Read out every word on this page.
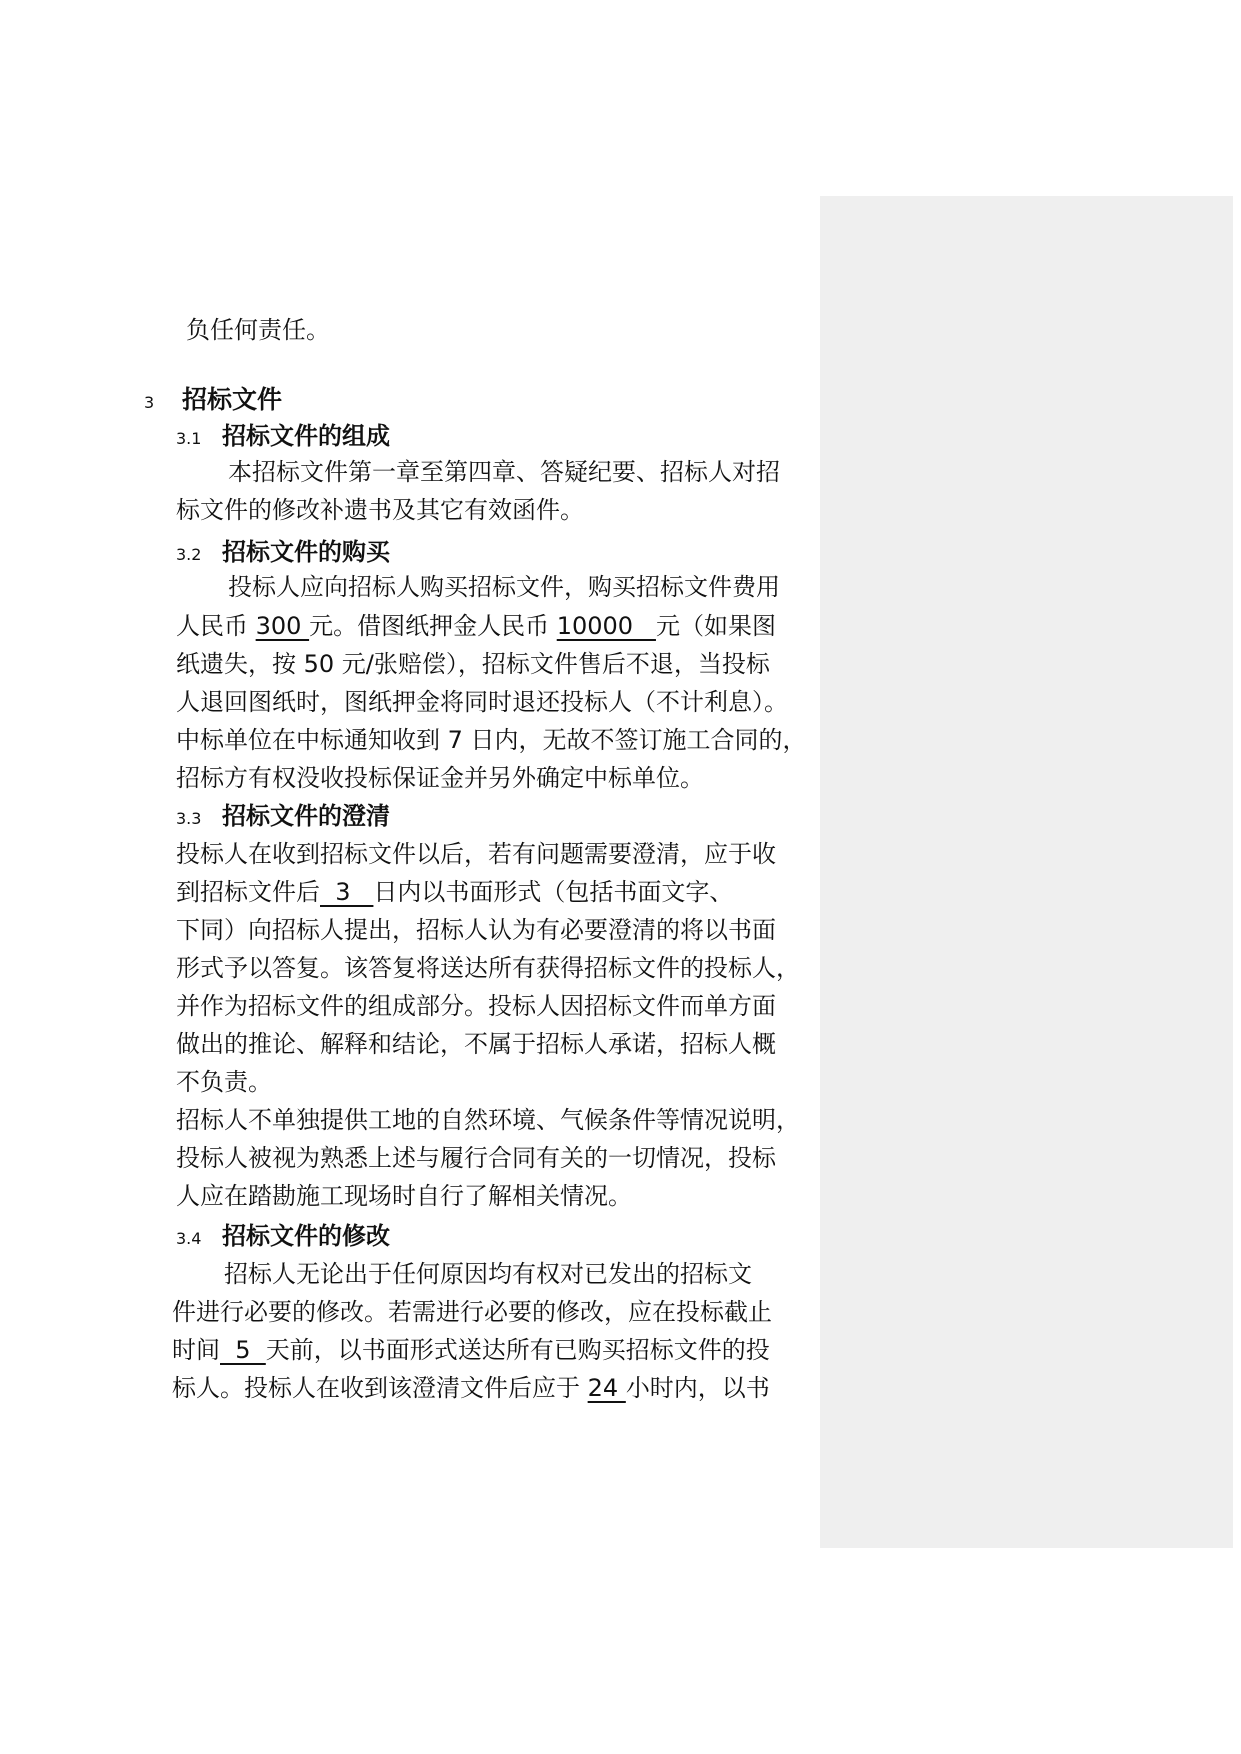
负任何责任。
3 招标文件
3.1 招标文件的组成
本招标文件第一章至第四章、答疑纪要、招标人对招
标文件的修改补遗书及其它有效函件。
3.2 招标文件的购买
投标人应向招标人购买招标文件，购买招标文件费用
人民币 300 元。借图纸押金人民币 10000   元（如果图
纸遗失，按 50 元/张赔偿），招标文件售后不退，当投标
人退回图纸时，图纸押金将同时退还投标人（不计利息）。
中标单位在中标通知收到 7 日内，无故不签订施工合同的，
招标方有权没收投标保证金并另外确定中标单位。
3.3 招标文件的澄清
投标人在收到招标文件以后，若有问题需要澄清，应于收
到招标文件后  3   日内以书面形式（包括书面文字、
下同）向招标人提出，招标人认为有必要澄清的将以书面
形式予以答复。该答复将送达所有获得招标文件的投标人，
并作为招标文件的组成部分。投标人因招标文件而单方面
做出的推论、解释和结论，不属于招标人承诺，招标人概
不负责。
招标人不单独提供工地的自然环境、气候条件等情况说明，
投标人被视为熟悉上述与履行合同有关的一切情况，投标
人应在踏勘施工现场时自行了解相关情况。
3.4 招标文件的修改
招标人无论出于任何原因均有权对已发出的招标文
件进行必要的修改。若需进行必要的修改，应在投标截止
时间  5  天前，以书面形式送达所有已购买招标文件的投
标人。投标人在收到该澄清文件后应于 24 小时内，以书
